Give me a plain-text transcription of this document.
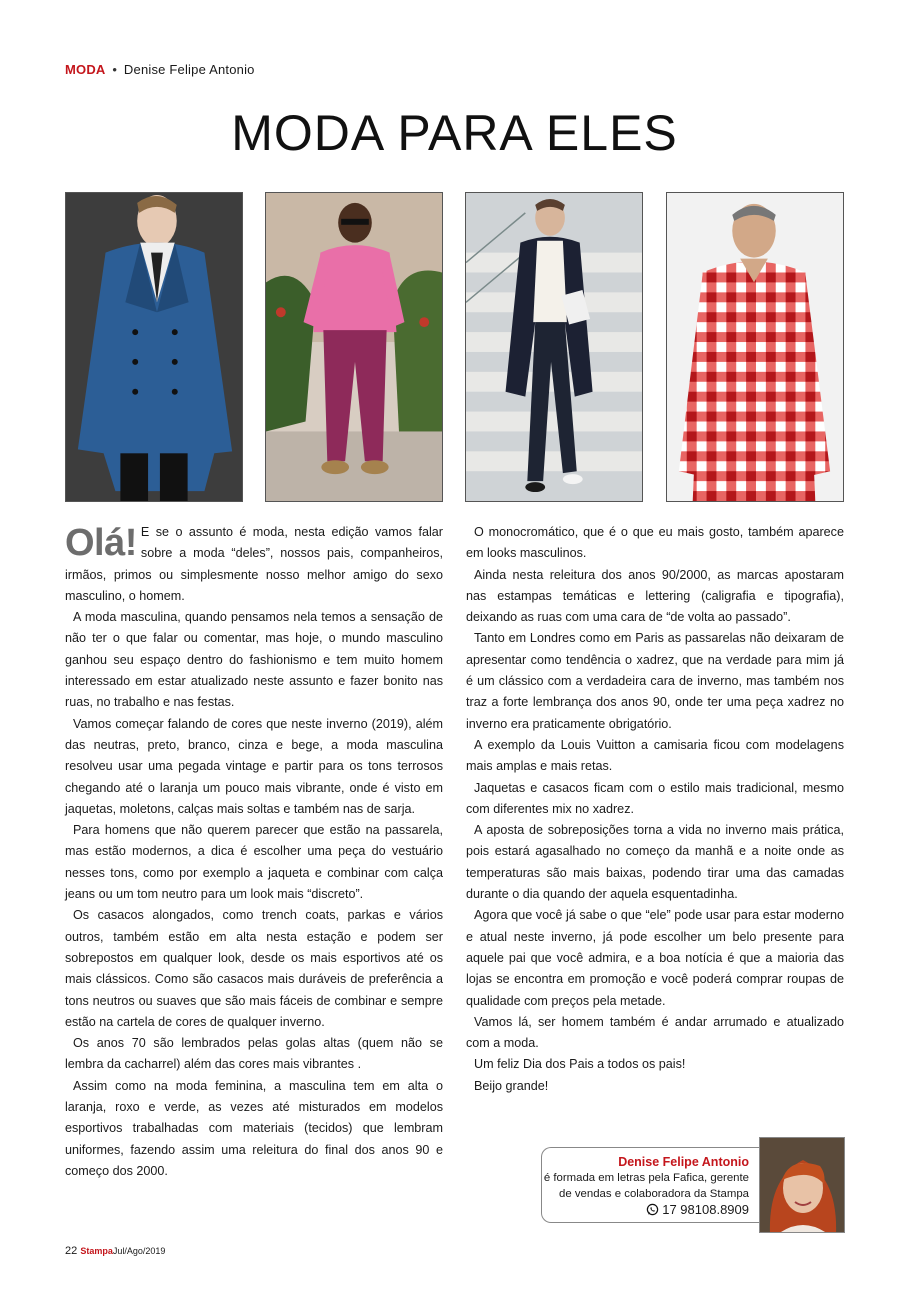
MODA • Denise Felipe Antonio
MODA PARA ELES

Olá! E se o assunto é moda, nesta edição vamos falar sobre a moda “deles”, nossos pais, companheiros, irmãos, primos ou simplesmente nosso melhor amigo do sexo masculino, o homem.

A moda masculina, quando pensamos nela temos a sensação de não ter o que falar ou comentar, mas hoje, o mundo masculino ganhou seu espaço dentro do fashionismo e tem muito homem interessado em estar atualizado neste assunto e fazer bonito nas ruas, no trabalho e nas festas.

Vamos começar falando de cores que neste inverno (2019), além das neutras, preto, branco, cinza e bege, a moda masculina resolveu usar uma pegada vintage e partir para os tons terrosos chegando até o laranja um pouco mais vibrante, onde é visto em jaquetas, moletons, calças mais soltas e também nas de sarja.

Para homens que não querem parecer que estão na passarela, mas estão modernos, a dica é escolher uma peça do vestuário nesses tons, como por exemplo a jaqueta e combinar com calça jeans ou um tom neutro para um look mais “discreto”.

Os casacos alongados, como trench coats, parkas e vários outros, também estão em alta nesta estação e podem ser sobrepostos em qualquer look, desde os mais esportivos até os mais clássicos. Como são casacos mais duráveis de preferência a tons neutros ou suaves que são mais fáceis de combinar e sempre estão na cartela de cores de qualquer inverno.

Os anos 70 são lembrados pelas golas altas (quem não se lembra da cacharrel) além das cores mais vibrantes .

Assim como na moda feminina, a masculina tem em alta o laranja, roxo e verde, as vezes até misturados em modelos esportivos trabalhadas com materiais (tecidos) que lembram uniformes, fazendo assim uma releitura do final dos anos 90 e começo dos 2000.

O monocromático, que é o que eu mais gosto, também aparece em looks masculinos.

Ainda nesta releitura dos anos 90/2000, as marcas apostaram nas estampas temáticas e lettering (caligrafia e tipografia), deixando as ruas com uma cara de “de volta ao passado”.

Tanto em Londres como em Paris as passarelas não deixaram de apresentar como tendência o xadrez, que na verdade para mim já é um clássico com a verdadeira cara de inverno, mas também nos traz a forte lembrança dos anos 90, onde ter uma peça xadrez no inverno era praticamente obrigatório.

A exemplo da Louis Vuitton a camisaria ficou com modelagens mais amplas e mais retas.

Jaquetas e casacos ficam com o estilo mais tradicional, mesmo com diferentes mix no xadrez.

A aposta de sobreposições torna a vida no inverno mais prática, pois estará agasalhado no começo da manhã e a noite onde as temperaturas são mais baixas, podendo tirar uma das camadas durante o dia quando der aquela esquentadinha.

Agora que você já sabe o que “ele” pode usar para estar moderno e atual neste inverno, já pode escolher um belo presente para aquele pai que você admira, e a boa notícia é que a maioria das lojas se encontra em promoção e você poderá comprar roupas de qualidade com preços pela metade.

Vamos lá, ser homem também é andar arrumado e atualizado com a moda.

Um feliz Dia dos Pais a todos os pais!

Beijo grande!

Denise Felipe Antonio
é formada em letras pela Fafica, gerente
de vendas e colaboradora da Stampa
17 98108.8909
22 StampaJul/Ago/2019
